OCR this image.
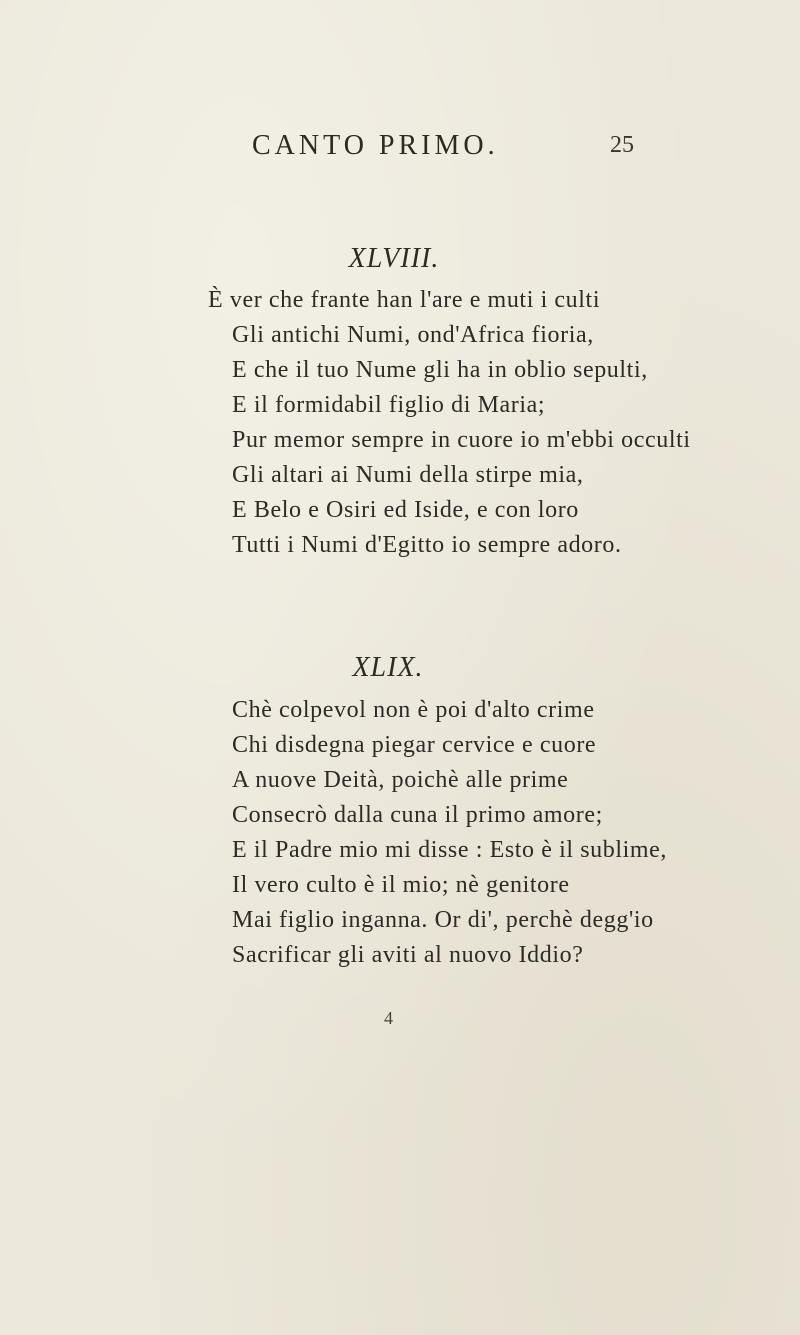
CANTO PRIMO.	25
XLVIII.
È ver che frante han l'are e muti i culti
Gli antichi Numi, ond'Africa fioria,
E che il tuo Nume gli ha in oblio sepulti,
E il formidabil figlio di Maria;
Pur memor sempre in cuore io m'ebbi occulti
Gli altari ai Numi della stirpe mia,
E Belo e Osiri ed Iside, e con loro
Tutti i Numi d'Egitto io sempre adoro.
XLIX.
Chè colpevol non è poi d'alto crime
Chi disdegna piegar cervice e cuore
A nuove Deità, poichè alle prime
Consecrò dalla cuna il primo amore;
E il Padre mio mi disse : Esto è il sublime,
Il vero culto è il mio; nè genitore
Mai figlio inganna. Or di', perchè degg'io
Sacrificar gli aviti al nuovo Iddio?
4
